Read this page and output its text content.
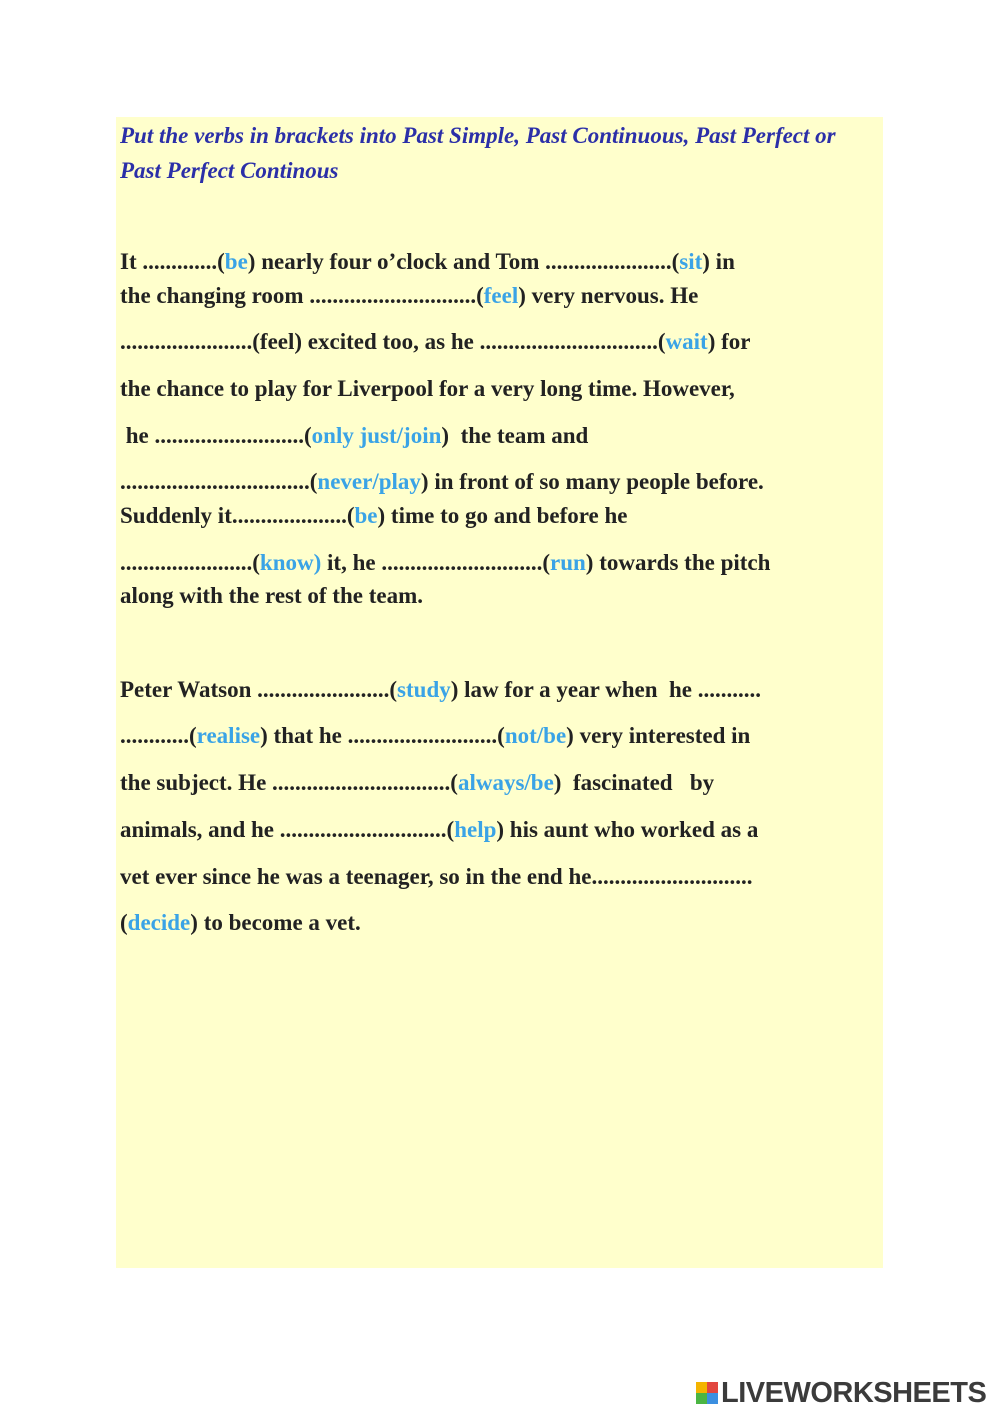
Put the verbs in brackets into Past Simple, Past Continuous, Past Perfect or Past Perfect Continous
It .............(be) nearly four o’clock and Tom ......................(sit) in
the changing room .............................(feel) very nervous. He
.......................(feel) excited too, as he ...............................(wait) for
the chance to play for Liverpool for a very long time. However,
he ..........................(only just/join)  the team and
.................................(never/play) in front of so many people before.
Suddenly it....................(be) time to go and before he
.......................(know) it, he ............................(run) towards the pitch
along with the rest of the team.
Peter Watson .......................(study) law for a year when  he ...........
............(realise) that he ..........................(not/be) very interested in
the subject. He ...............................(always/be)  fascinated   by
animals, and he .............................(help) his aunt who worked as a
vet ever since he was a teenager, so in the end he............................
(decide) to become a vet.
LIVEWORKSHEETS
